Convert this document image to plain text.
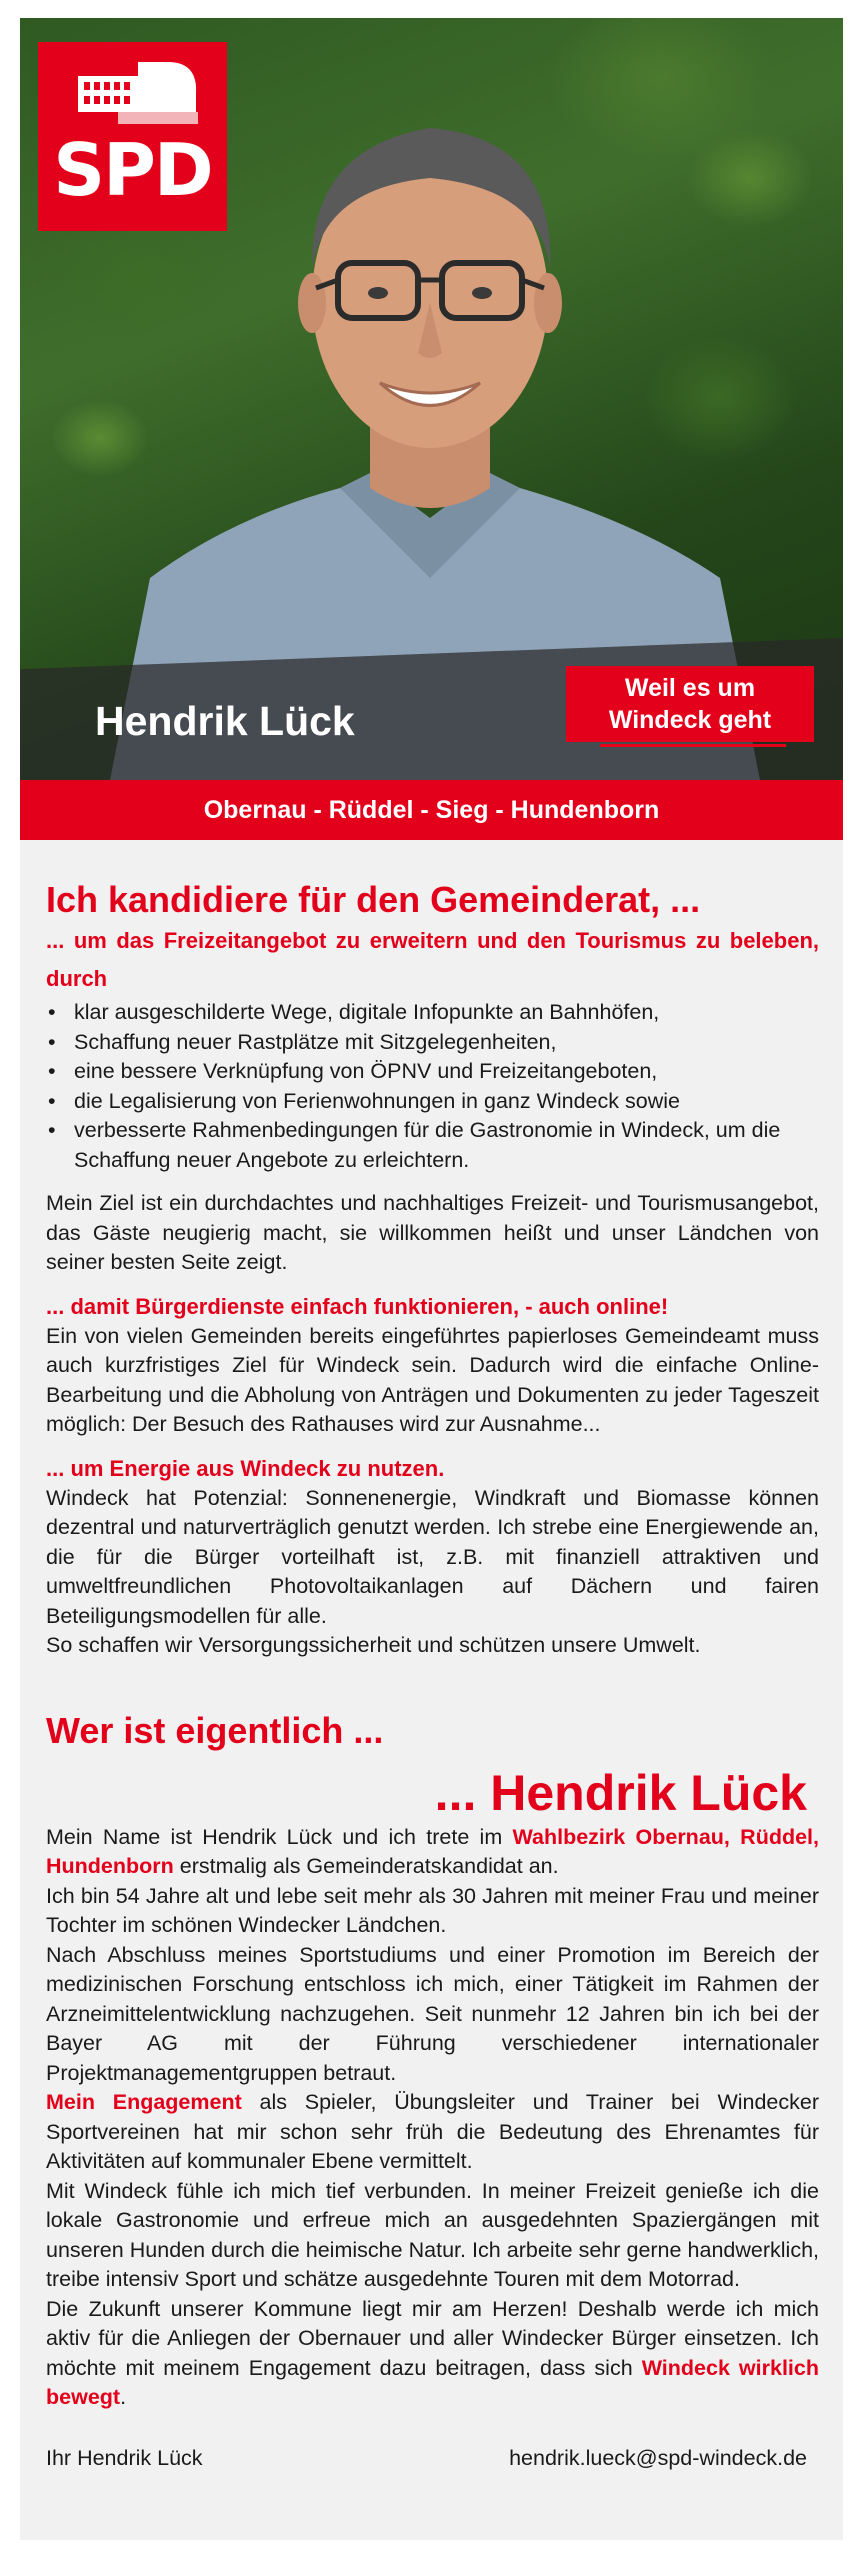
SPD
Hendrik Lück
Weil es um
Windeck geht
Obernau - Rüddel - Sieg - Hundenborn
Ich kandidiere für den Gemeinderat, ...
... um das Freizeitangebot zu erweitern und den Tourismus zu beleben, durch
• klar ausgeschilderte Wege, digitale Infopunkte an Bahnhöfen,
• Schaffung neuer Rastplätze mit Sitzgelegenheiten,
• eine bessere Verknüpfung von ÖPNV und Freizeitangeboten,
• die Legalisierung von Ferienwohnungen in ganz Windeck sowie
• verbesserte Rahmenbedingungen für die Gastronomie in Windeck, um die Schaffung neuer Angebote zu erleichtern.

Mein Ziel ist ein durchdachtes und nachhaltiges Freizeit- und Tourismusangebot, das Gäste neugierig macht, sie willkommen heißt und unser Ländchen von seiner besten Seite zeigt.

... damit Bürgerdienste einfach funktionieren, - auch online!

Ein von vielen Gemeinden bereits eingeführtes papierloses Gemeindeamt muss auch kurzfristiges Ziel für Windeck sein. Dadurch wird die einfache Online-Bearbeitung und die Abholung von Anträgen und Dokumenten zu jeder Tageszeit möglich: Der Besuch des Rathauses wird zur Ausnahme...

... um Energie aus Windeck zu nutzen.

Windeck hat Potenzial: Sonnenenergie, Windkraft und Biomasse können dezentral und naturverträglich genutzt werden. Ich strebe eine Energiewende an, die für die Bürger vorteilhaft ist, z.B. mit finanziell attraktiven und umweltfreundlichen Photovoltaikanlagen auf Dächern und fairen Beteiligungsmodellen für alle.

So schaffen wir Versorgungssicherheit und schützen unsere Umwelt.

Wer ist eigentlich ...
... Hendrik Lück

Mein Name ist Hendrik Lück und ich trete im Wahlbezirk Obernau, Rüddel, Hundenborn erstmalig als Gemeinderatskandidat an.

Ich bin 54 Jahre alt und lebe seit mehr als 30 Jahren mit meiner Frau und meiner Tochter im schönen Windecker Ländchen.

Nach Abschluss meines Sportstudiums und einer Promotion im Bereich der medizinischen Forschung entschloss ich mich, einer Tätigkeit im Rahmen der Arzneimittelentwicklung nachzugehen. Seit nunmehr 12 Jahren bin ich bei der Bayer AG mit der Führung verschiedener internationaler Projektmanagementgruppen betraut.

Mein Engagement als Spieler, Übungsleiter und Trainer bei Windecker Sportvereinen hat mir schon sehr früh die Bedeutung des Ehrenamtes für Aktivitäten auf kommunaler Ebene vermittelt.

Mit Windeck fühle ich mich tief verbunden. In meiner Freizeit genieße ich die lokale Gastronomie und erfreue mich an ausgedehnten Spaziergängen mit unseren Hunden durch die heimische Natur. Ich arbeite sehr gerne handwerklich, treibe intensiv Sport und schätze ausgedehnte Touren mit dem Motorrad.

Die Zukunft unserer Kommune liegt mir am Herzen! Deshalb werde ich mich aktiv für die Anliegen der Obernauer und aller Windecker Bürger einsetzen. Ich möchte mit meinem Engagement dazu beitragen, dass sich Windeck wirklich bewegt.

Ihr Hendrik Lück	hendrik.lueck@spd-windeck.de
